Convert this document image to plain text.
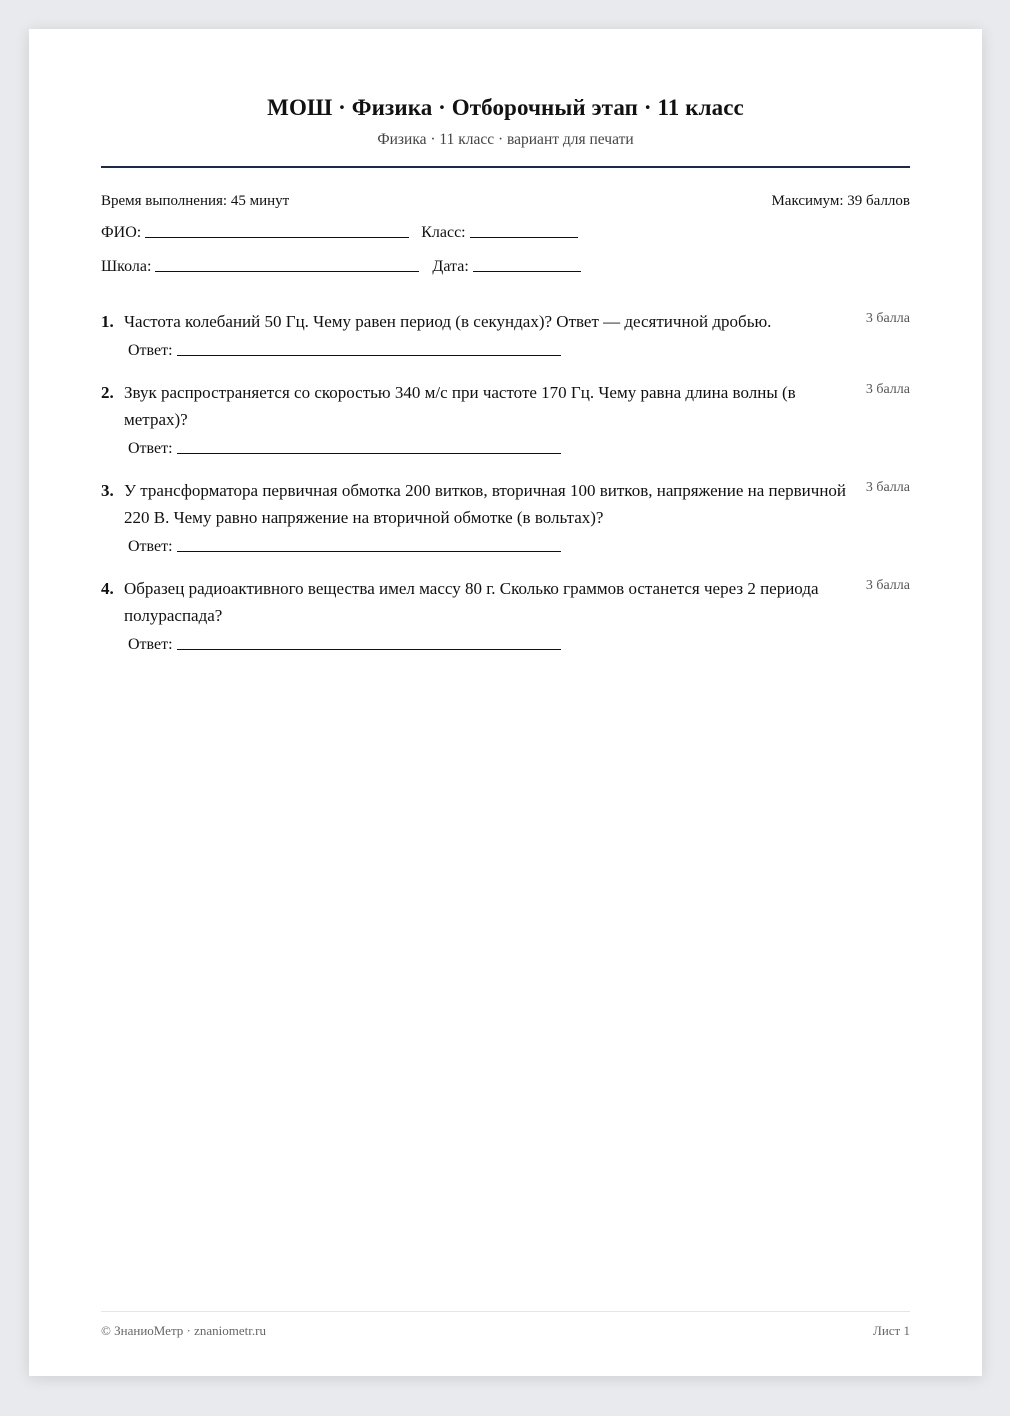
МОШ · Физика · Отборочный этап · 11 класс
Физика · 11 класс · вариант для печати
Время выполнения: 45 минут	Максимум: 39 баллов
ФИО:	Класс:
Школа:	Дата:
1. Частота колебаний 50 Гц. Чему равен период (в секундах)? Ответ — десятичной дробью.	3 балла
Ответ:
2. Звук распространяется со скоростью 340 м/с при частоте 170 Гц. Чему равна длина волны (в метрах)?
3 балла
Ответ:
3. У трансформатора первичная обмотка 200 витков, вторичная 100 витков, напряжение на первичной 220 В. Чему равно напряжение на вторичной обмотке (в вольтах)?
3 балла
Ответ:
4. Образец радиоактивного вещества имел массу 80 г. Сколько граммов останется через 2 периода полураспада?
3 балла
Ответ:
© ЗнаниоМетр · znaniometr.ru	Лист 1
